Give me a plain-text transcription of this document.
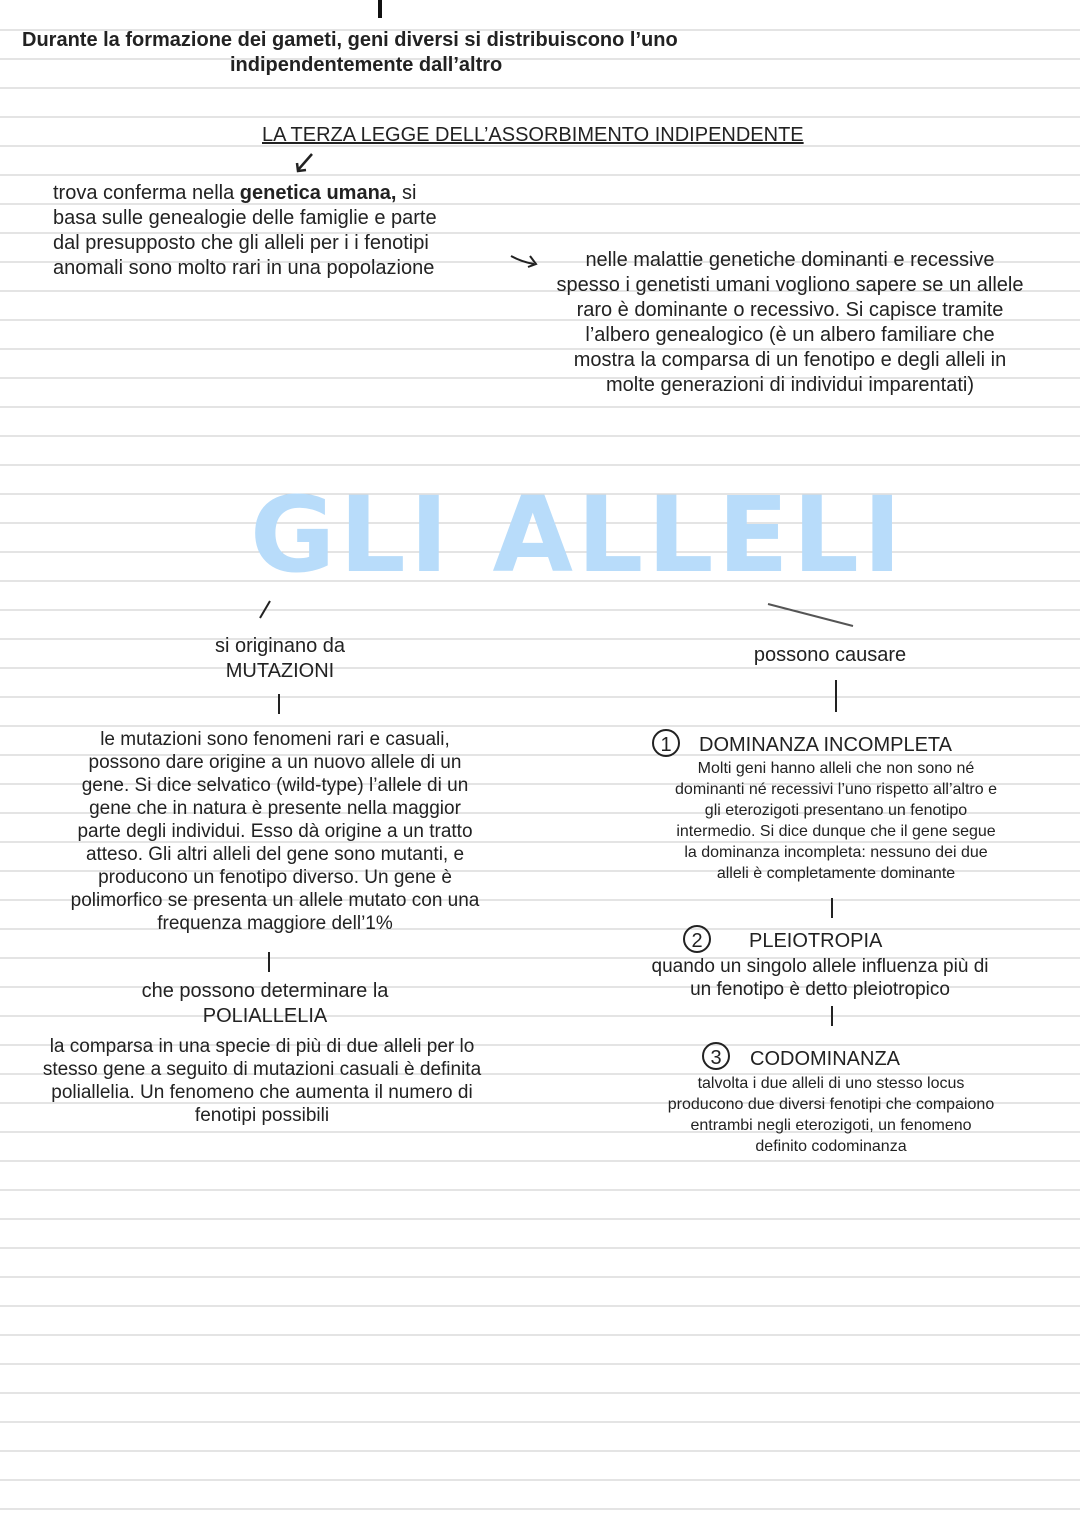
Durante la formazione dei gameti, geni diversi si distribuiscono l’uno
indipendentemente dall’altro
LA TERZA LEGGE DELL’ASSORBIMENTO INDIPENDENTE
trova conferma nella genetica umana, si
basa sulle genealogie delle famiglie e parte
dal presupposto che gli alleli per i i fenotipi
anomali sono molto rari in una popolazione	nelle malattie genetiche dominanti e recessive
spesso i genetisti umani vogliono sapere se un allele
raro è dominante o recessivo. Si capisce tramite
l’albero genealogico (è un albero familiare che
mostra la comparsa di un fenotipo e degli alleli in
molte generazioni di individui imparentati)
GLI ALLELI
si originano da
MUTAZIONI
le mutazioni sono fenomeni rari e casuali,
possono dare origine a un nuovo allele di un
gene. Si dice selvatico (wild-type) l’allele di un
gene che in natura è presente nella maggior
parte degli individui. Esso dà origine a un tratto
atteso. Gli altri alleli del gene sono mutanti, e
producono un fenotipo diverso. Un gene è
polimorfico se presenta un allele mutato con una
frequenza maggiore dell’1%
che possono determinare la
POLIALLELIA
la comparsa in una specie di più di due alleli per lo
stesso gene a seguito di mutazioni casuali è definita
poliallelia. Un fenomeno che aumenta il numero di
fenotipi possibili
possono causare
1	DOMINANZA INCOMPLETA
Molti geni hanno alleli che non sono né
dominanti né recessivi l’uno rispetto all’altro e
gli eterozigoti presentano un fenotipo
intermedio. Si dice dunque che il gene segue
la dominanza incompleta: nessuno dei due
alleli è completamente dominante
2	PLEIOTROPIA
quando un singolo allele influenza più di
un fenotipo è detto pleiotropico
3	CODOMINANZA
talvolta i due alleli di uno stesso locus
producono due diversi fenotipi che compaiono
entrambi negli eterozigoti, un fenomeno
definito codominanza
